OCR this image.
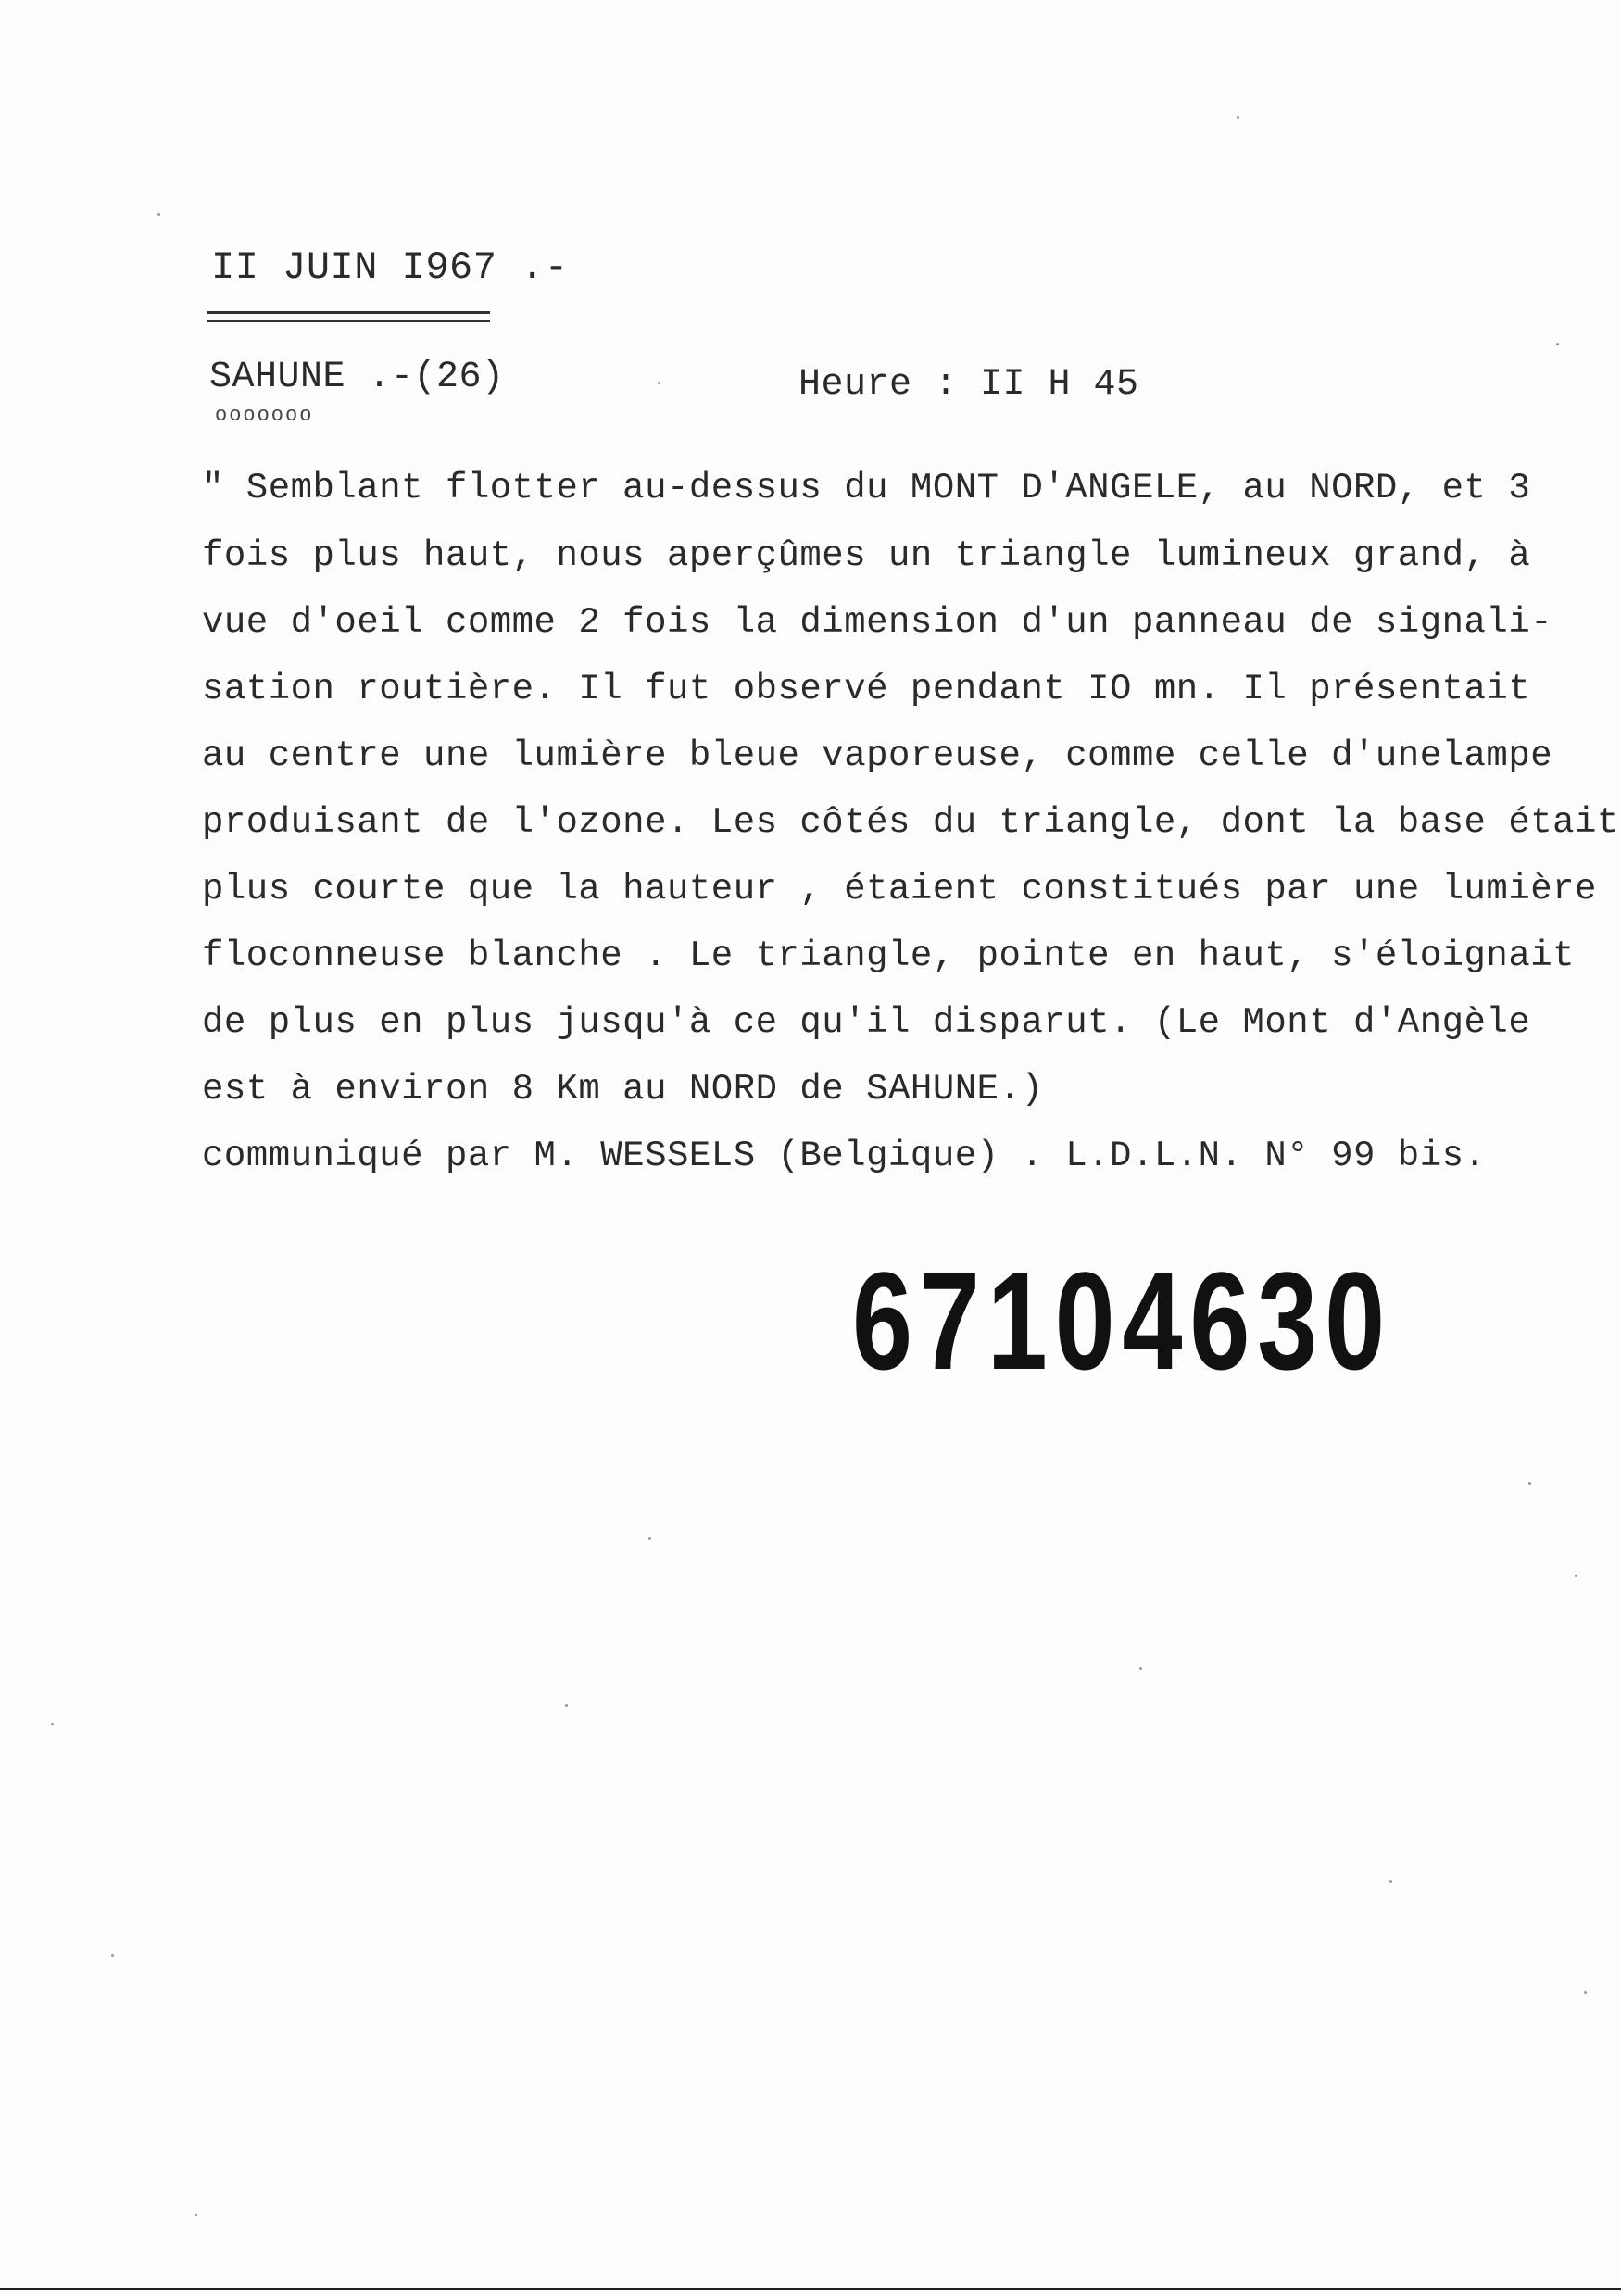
II JUIN I967 .-
SAHUNE .-(26)
ooooooo
Heure : II H 45
" Semblant flotter au-dessus du MONT D'ANGELE, au NORD, et 3
fois plus haut, nous aperçûmes un triangle lumineux grand, à
vue d'oeil comme 2 fois la dimension d'un panneau de signali-
sation routière. Il fut observé pendant IO mn. Il présentait
au centre une lumière bleue vaporeuse, comme celle d'unelampe
produisant de l'ozone. Les côtés du triangle, dont la base était
plus courte que la hauteur , étaient constitués par une lumière
floconneuse blanche . Le triangle, pointe en haut, s'éloignait
de plus en plus jusqu'à ce qu'il disparut. (Le Mont d'Angèle
est à environ 8 Km au NORD de SAHUNE.)
communiqué par M. WESSELS (Belgique) . L.D.L.N. N° 99 bis.
67104630
